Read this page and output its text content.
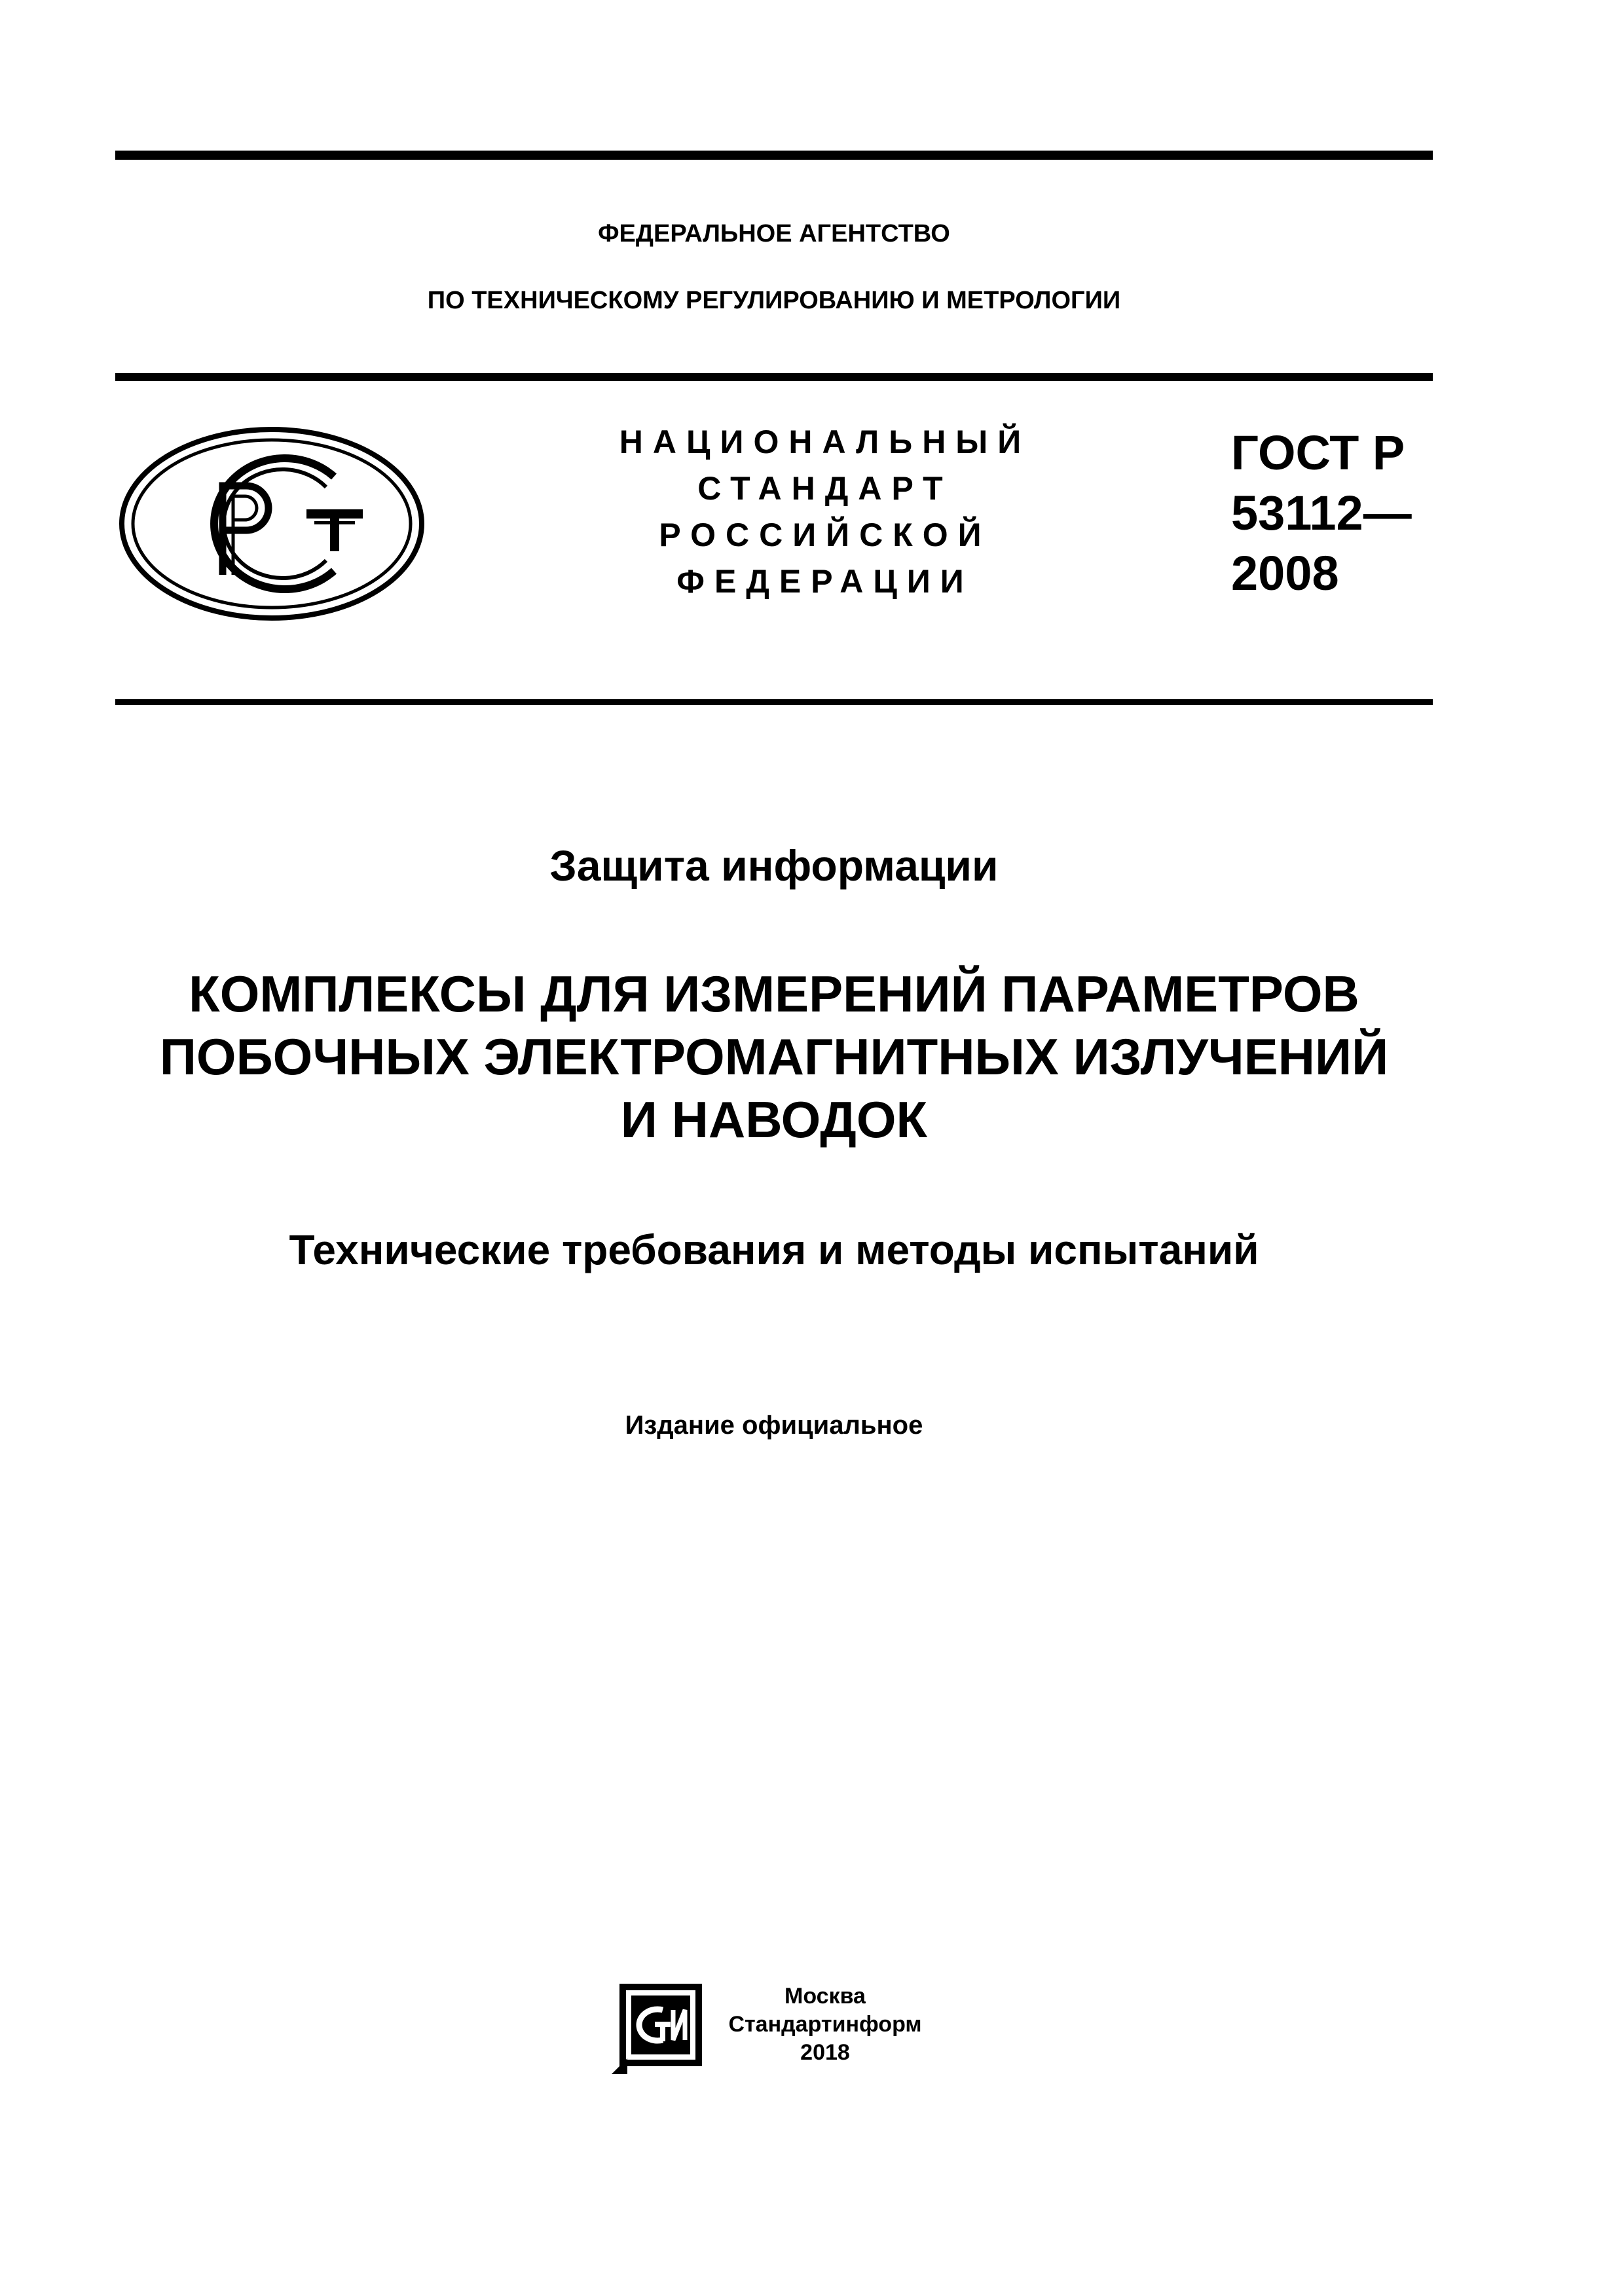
ФЕДЕРАЛЬНОЕ АГЕНТСТВО
ПО ТЕХНИЧЕСКОМУ РЕГУЛИРОВАНИЮ И МЕТРОЛОГИИ
НАЦИОНАЛЬНЫЙ
СТАНДАРТ
РОССИЙСКОЙ
ФЕДЕРАЦИИ
ГОСТ Р
53112—
2008
Защита информации
КОМПЛЕКСЫ ДЛЯ ИЗМЕРЕНИЙ ПАРАМЕТРОВ
ПОБОЧНЫХ ЭЛЕКТРОМАГНИТНЫХ ИЗЛУЧЕНИЙ
И НАВОДОК
Технические требования и методы испытаний
Издание официальное
Москва
Стандартинформ
2018
